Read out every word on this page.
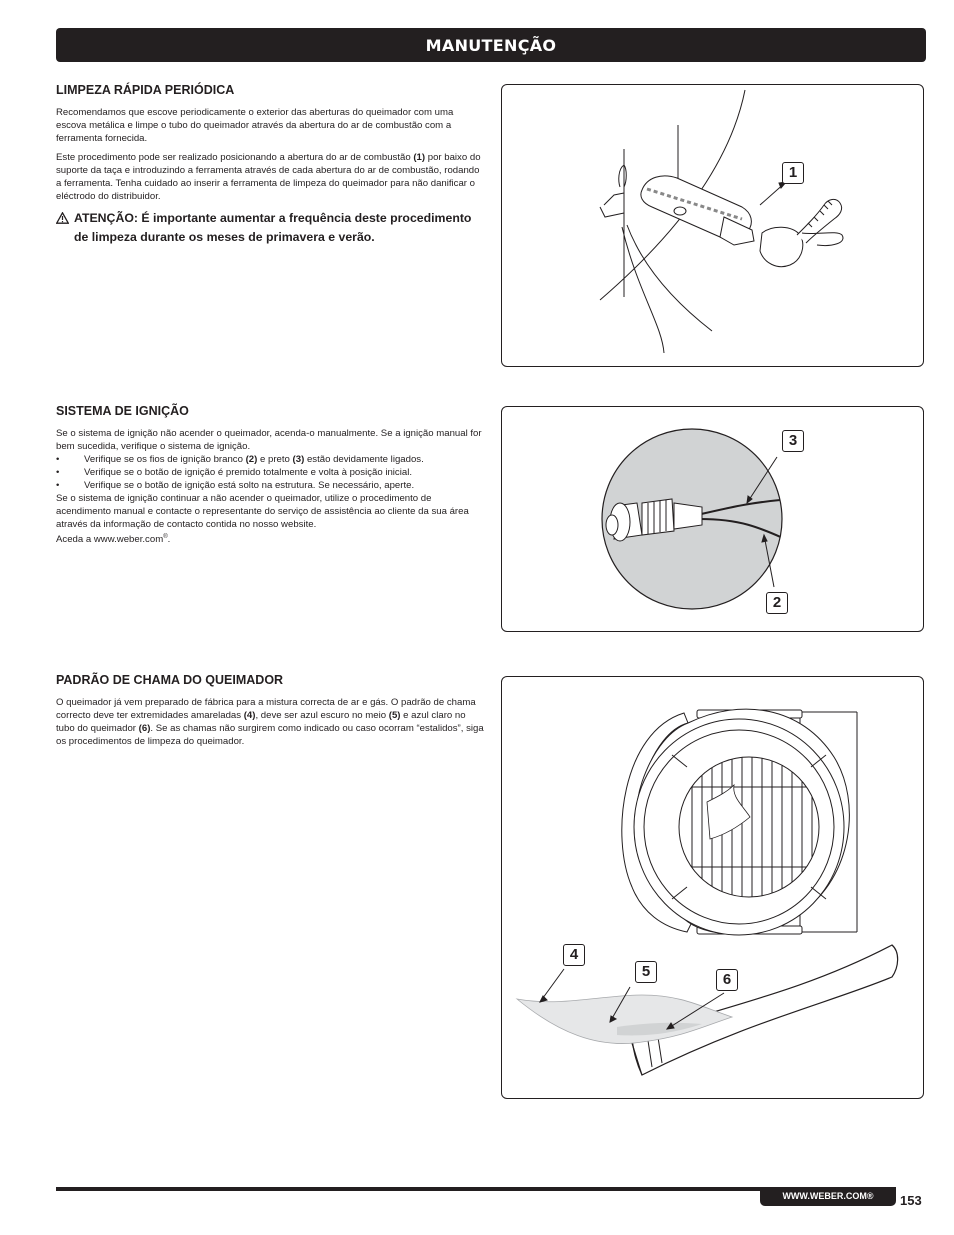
MANUTENÇÃO
LIMPEZA RÁPIDA PERIÓDICA

Recomendamos que escove periodicamente o exterior das aberturas do queimador com uma escova metálica e limpe o tubo do queimador através da abertura do ar de combustão com a ferramenta fornecida.

Este procedimento pode ser realizado posicionando a abertura do ar de combustão (1) por baixo do suporte da taça e introduzindo a ferramenta através de cada abertura do ar de combustão, rodando a ferramenta. Tenha cuidado ao inserir a ferramenta de limpeza do queimador para não danificar o eléctrodo do distribuidor.

ATENÇÃO: É importante aumentar a frequência deste procedimento de limpeza durante os meses de primavera e verão.
1
SISTEMA DE IGNIÇÃO

Se o sistema de ignição não acender o queimador, acenda-o manualmente. Se a ignição manual for bem sucedida, verifique o sistema de ignição.

• Verifique se os fios de ignição branco (2) e preto (3) estão devidamente ligados.
• Verifique se o botão de ignição é premido totalmente e volta à posição inicial.
• Verifique se o botão de ignição está solto na estrutura. Se necessário, aperte.

Se o sistema de ignição continuar a não acender o queimador, utilize o procedimento de acendimento manual e contacte o representante do serviço de assistência ao cliente da sua área através da informação de contacto contida no nosso website.

Aceda a www.weber.com®.

3
2
PADRÃO DE CHAMA DO QUEIMADOR

O queimador já vem preparado de fábrica para a mistura correcta de ar e gás. O padrão de chama correcto deve ter extremidades amareladas (4), deve ser azul escuro no meio (5) e azul claro no tubo do queimador (6). Se as chamas não surgirem como indicado ou caso ocorram “estalidos”, siga os procedimentos de limpeza do queimador.

4
5	6
WWW.WEBER.COM®	153
